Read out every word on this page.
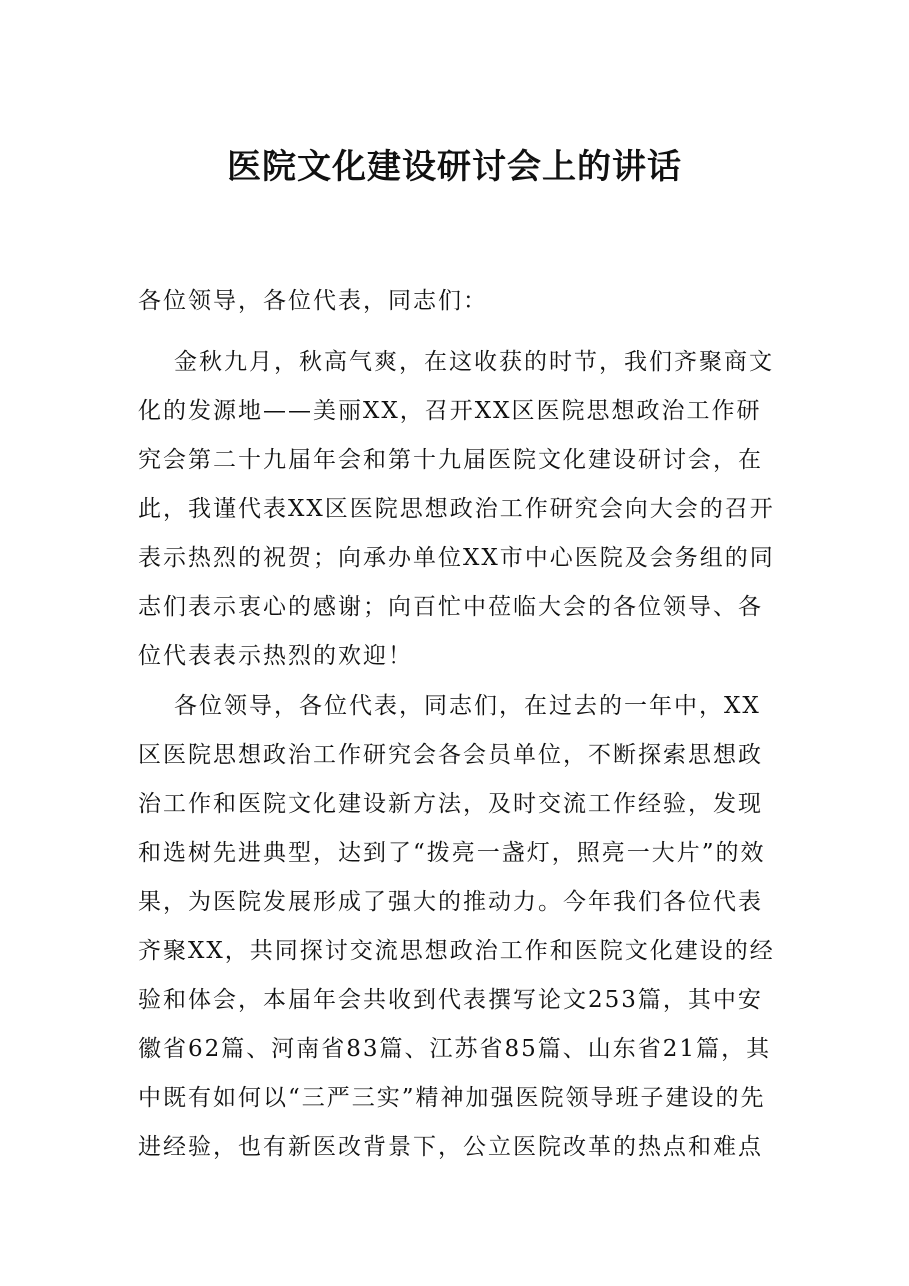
医院文化建设研讨会上的讲话
各位领导，各位代表，同志们：

金秋九月，秋高气爽，在这收获的时节，我们齐聚商文化的发源地——美丽XX，召开XX区医院思想政治工作研究会第二十九届年会和第十九届医院文化建设研讨会，在此，我谨代表XX区医院思想政治工作研究会向大会的召开表示热烈的祝贺；向承办单位XX市中心医院及会务组的同志们表示衷心的感谢；向百忙中莅临大会的各位领导、各位代表表示热烈的欢迎！

各位领导，各位代表，同志们，在过去的一年中，XX区医院思想政治工作研究会各会员单位，不断探索思想政治工作和医院文化建设新方法，及时交流工作经验，发现和选树先进典型，达到了“拨亮一盏灯，照亮一大片”的效果，为医院发展形成了强大的推动力。今年我们各位代表齐聚XX，共同探讨交流思想政治工作和医院文化建设的经验和体会，本届年会共收到代表撰写论文253篇，其中安徽省62篇、河南省83篇、江苏省85篇、山东省21篇，其中既有如何以“三严三实”精神加强医院领导班子建设的先进经验，也有新医改背景下，公立医院改革的热点和难点
